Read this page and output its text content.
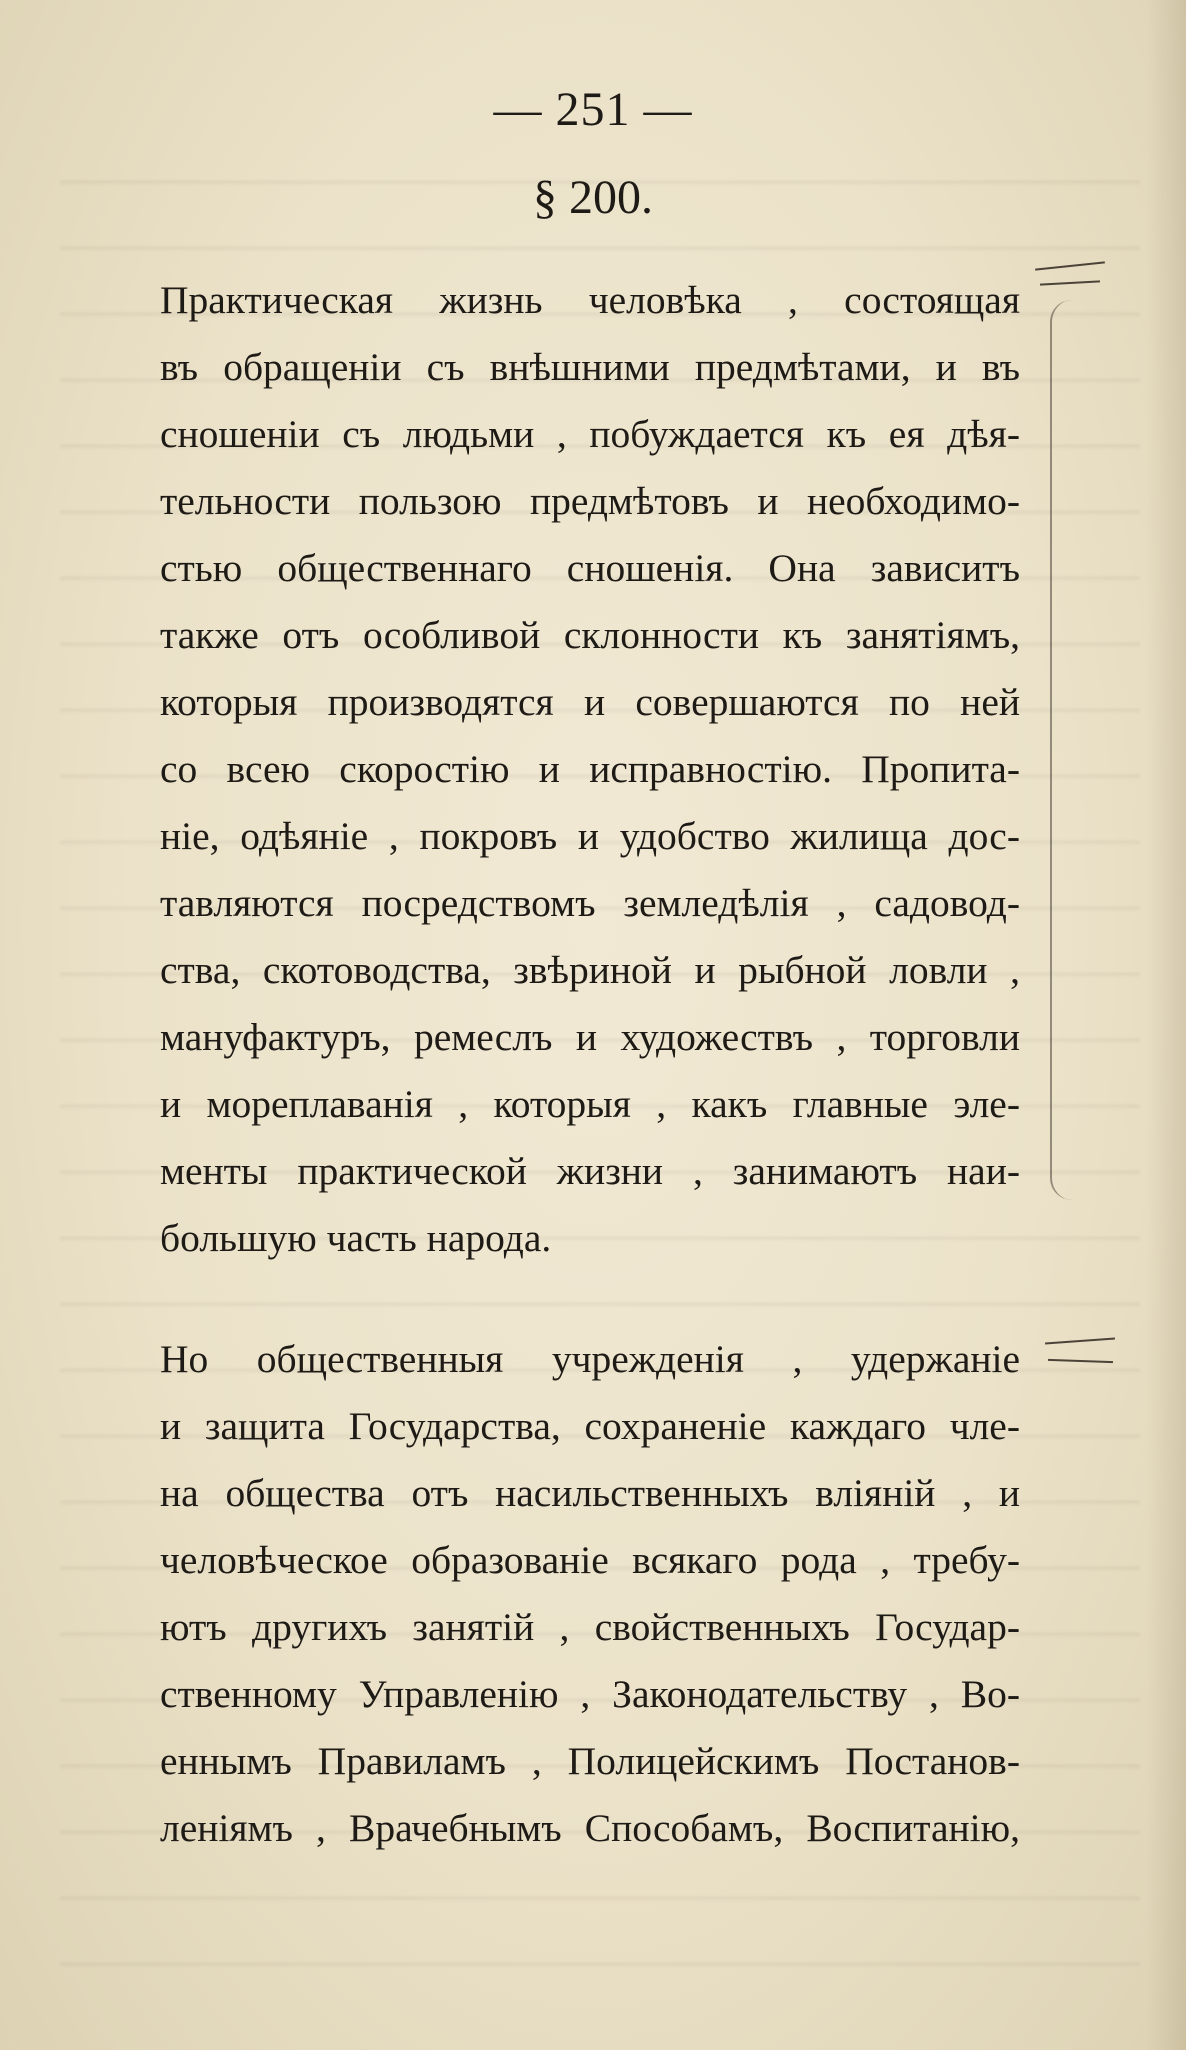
— 251 —
§ 200.
Практическая жизнь человѣка , состоящая
въ обращеніи съ внѣшними предмѣтами, и въ
сношеніи съ людьми , побуждается къ ея дѣя-
тельности пользою предмѣтовъ и необходимо-
стью общественнаго сношенія. Она зависитъ
также отъ особливой склонности къ занятіямъ,
которыя производятся и совершаются по ней
со всею скоростію и исправностію. Пропита-
ніе, одѣяніе , покровъ и удобство жилища дос-
тавляются посредствомъ земледѣлія , садовод-
ства, скотоводства, звѣриной и рыбной ловли ,
мануфактуръ, ремеслъ и художествъ , торговли
и мореплаванія , которыя , какъ главные эле-
менты практической жизни , занимаютъ наи-
большую часть народа.
Но общественныя учрежденія , удержаніе
и защита Государства, сохраненіе каждаго чле-
на общества отъ насильственныхъ вліяній , и
человѣческое образованіе всякаго рода , требу-
ютъ другихъ занятій , свойственныхъ Государ-
ственному Управленію , Законодательству , Во-
еннымъ Правиламъ , Полицейскимъ Постанов-
леніямъ , Врачебнымъ Способамъ, Воспитанію,
